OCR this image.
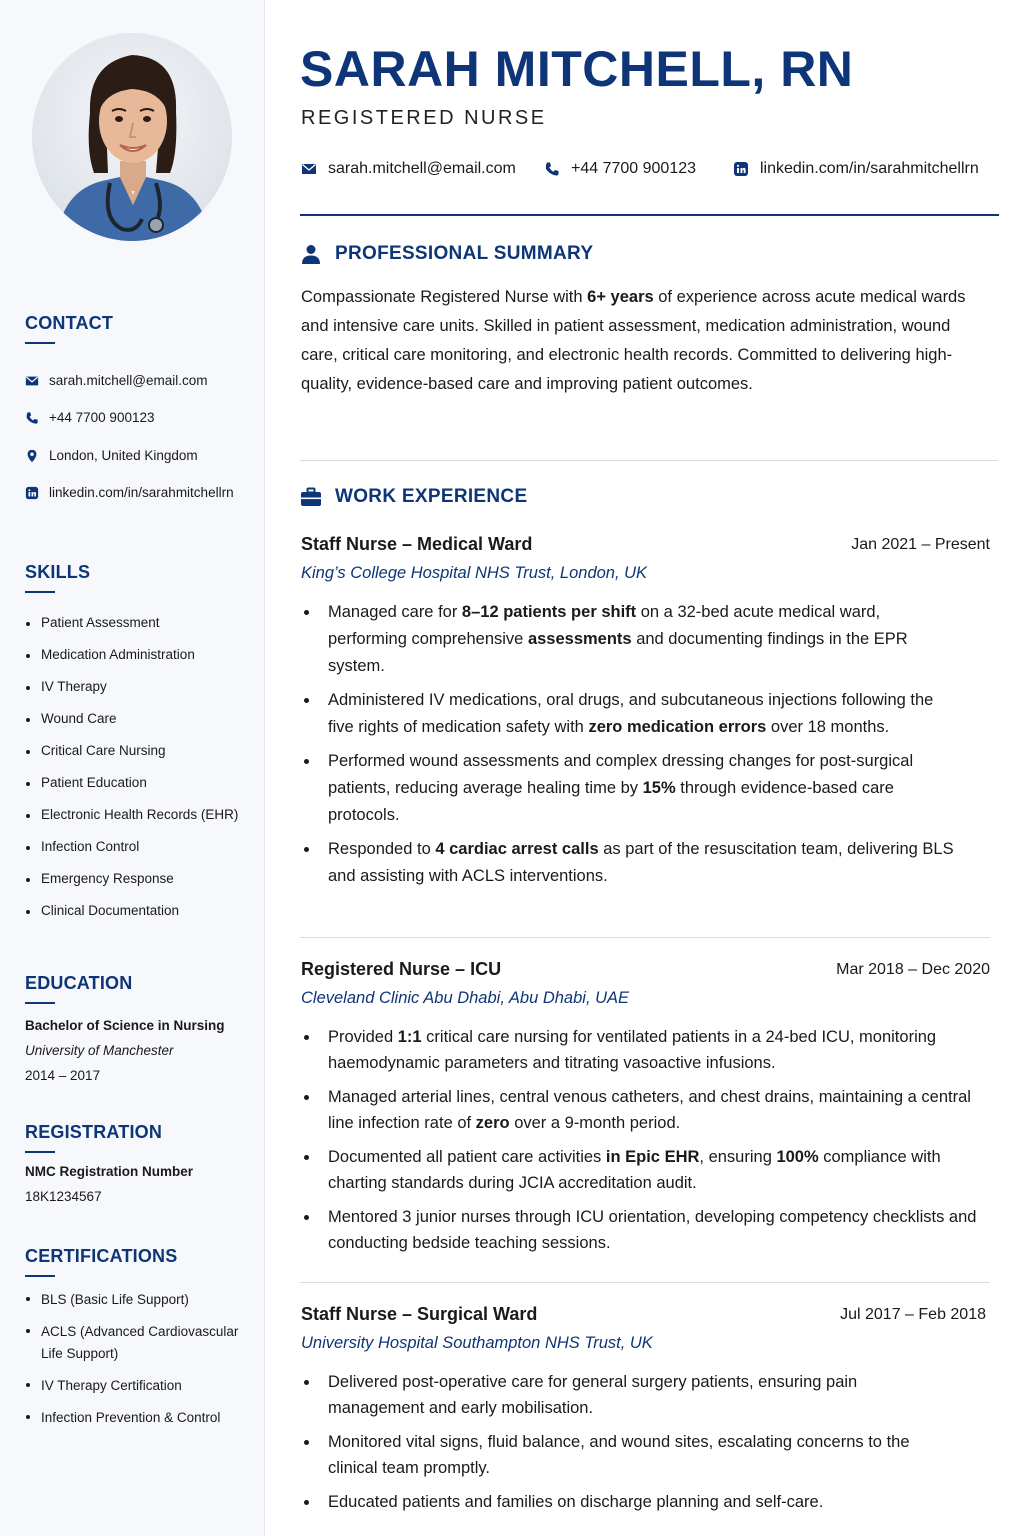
CONTACT
sarah.mitchell@email.com
+44 7700 900123
London, United Kingdom
linkedin.com/in/sarahmitchellrn
SKILLS
Patient Assessment
Medication Administration
IV Therapy
Wound Care
Critical Care Nursing
Patient Education
Electronic Health Records (EHR)
Infection Control
Emergency Response
Clinical Documentation
EDUCATION
Bachelor of Science in Nursing
University of Manchester
2014 – 2017
REGISTRATION
NMC Registration Number
18K1234567
CERTIFICATIONS
BLS (Basic Life Support)
ACLS (Advanced Cardiovascular Life Support)
IV Therapy Certification
Infection Prevention & Control
SARAH MITCHELL, RN
REGISTERED NURSE
sarah.mitchell@email.com	+44 7700 900123	linkedin.com/in/sarahmitchellrn
PROFESSIONAL SUMMARY

Compassionate Registered Nurse with 6+ years of experience across acute medical wards and intensive care units. Skilled in patient assessment, medication administration, wound care, critical care monitoring, and electronic health records. Committed to delivering high-quality, evidence-based care and improving patient outcomes.

WORK EXPERIENCE
Staff Nurse – Medical Ward	Jan 2021 – Present
King’s College Hospital NHS Trust, London, UK
Managed care for 8–12 patients per shift on a 32-bed acute medical ward, performing comprehensive assessments and documenting findings in the EPR system.
Administered IV medications, oral drugs, and subcutaneous injections following the five rights of medication safety with zero medication errors over 18 months.
Performed wound assessments and complex dressing changes for post-surgical patients, reducing average healing time by 15% through evidence-based care protocols.
Responded to 4 cardiac arrest calls as part of the resuscitation team, delivering BLS and assisting with ACLS interventions.
Registered Nurse – ICU	Mar 2018 – Dec 2020
Cleveland Clinic Abu Dhabi, Abu Dhabi, UAE
Provided 1:1 critical care nursing for ventilated patients in a 24-bed ICU, monitoring haemodynamic parameters and titrating vasoactive infusions.
Managed arterial lines, central venous catheters, and chest drains, maintaining a central line infection rate of zero over a 9-month period.
Documented all patient care activities in Epic EHR, ensuring 100% compliance with charting standards during JCIA accreditation audit.
Mentored 3 junior nurses through ICU orientation, developing competency checklists and conducting bedside teaching sessions.
Staff Nurse – Surgical Ward	Jul 2017 – Feb 2018
University Hospital Southampton NHS Trust, UK
Delivered post-operative care for general surgery patients, ensuring pain management and early mobilisation.
Monitored vital signs, fluid balance, and wound sites, escalating concerns to the clinical team promptly.
Educated patients and families on discharge planning and self-care.
